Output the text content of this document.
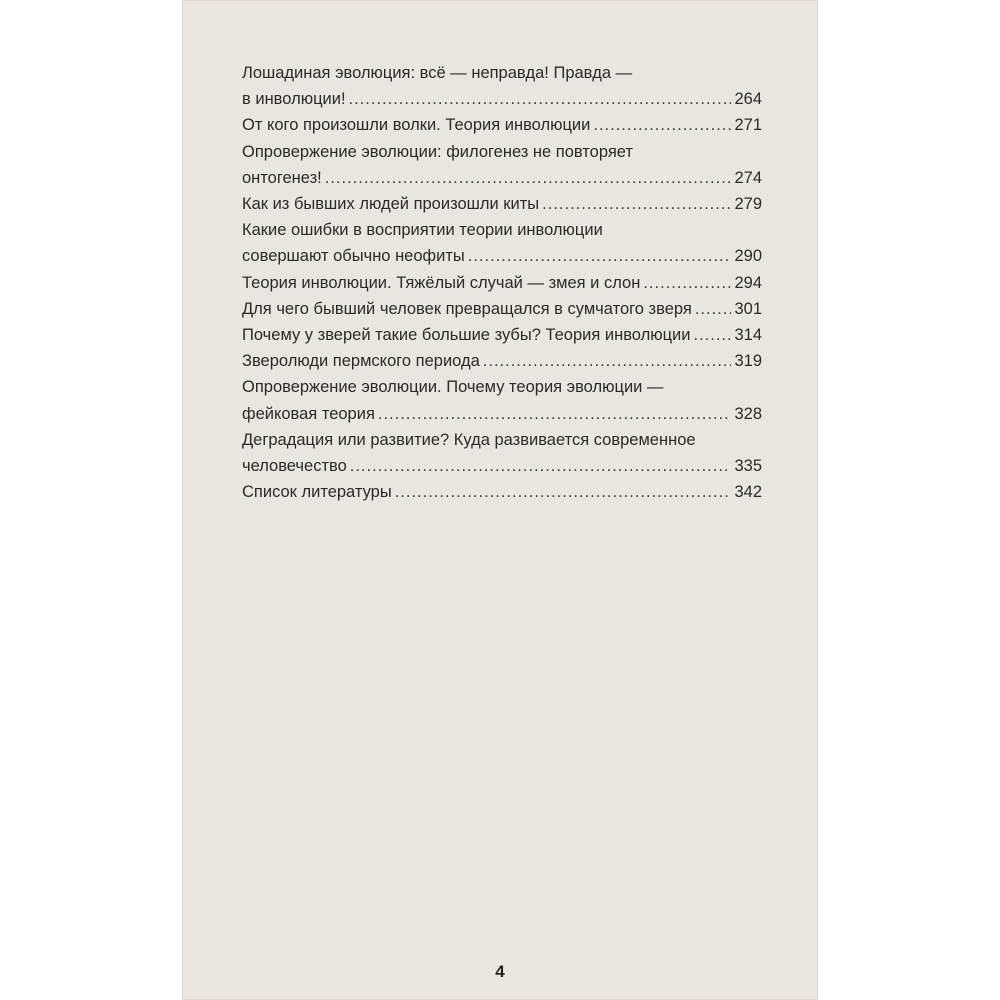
Лошадиная эволюция: всё — неправда! Правда —
в инволюции! .....	264
От кого произошли волки. Теория инволюции .....	271
Опровержение эволюции: филогенез не повторяет
онтогенез! .....	274
Как из бывших людей произошли киты .....	279
Какие ошибки в восприятии теории инволюции
совершают обычно неофиты .....	290
Теория инволюции. Тяжёлый случай — змея и слон .....	294
Для чего бывший человек превращался в сумчатого зверя .....	301
Почему у зверей такие большие зубы? Теория инволюции .....	314
Зверолюди пермского периода .....	319
Опровержение эволюции. Почему теория эволюции —
фейковая теория .....	328
Деградация или развитие? Куда развивается современное
человечество .....	335
Список литературы .....	342
4
